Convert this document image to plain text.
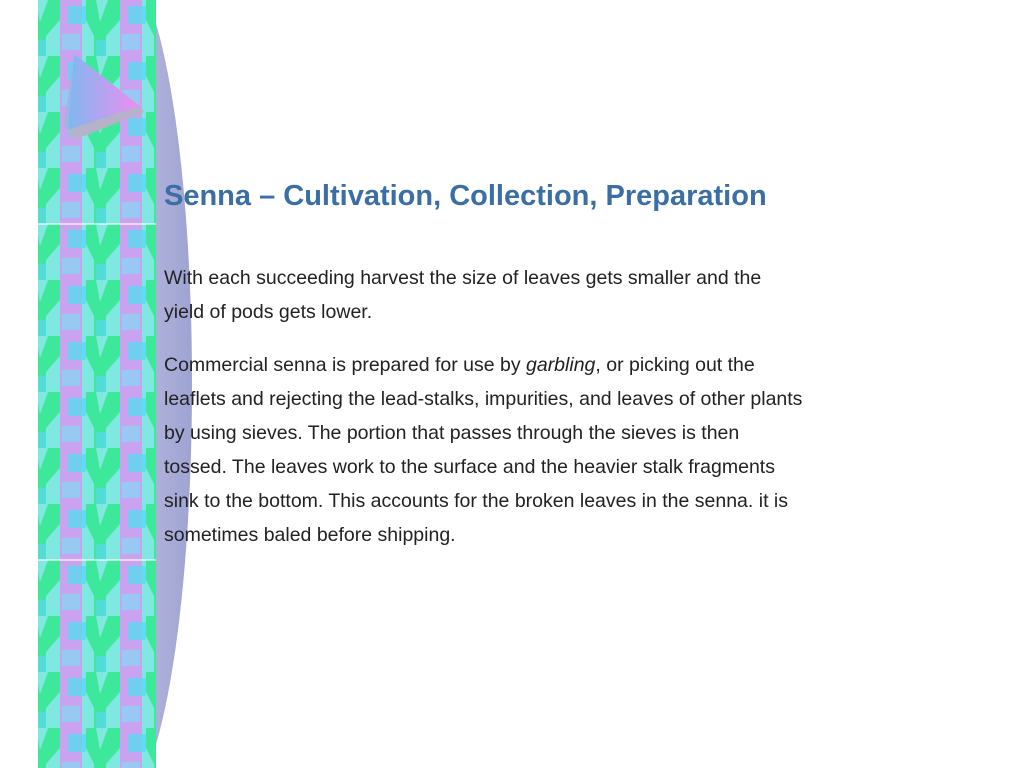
Senna – Cultivation, Collection, Preparation

With each succeeding harvest the size of leaves gets smaller and the
yield of pods gets lower.

Commercial senna is prepared for use by garbling, or picking out the
leaflets and rejecting the lead-stalks, impurities, and leaves of other plants
by using sieves. The portion that passes through the sieves is then
tossed. The leaves work to the surface and the heavier stalk fragments
sink to the bottom. This accounts for the broken leaves in the senna. it is
sometimes baled before shipping.
